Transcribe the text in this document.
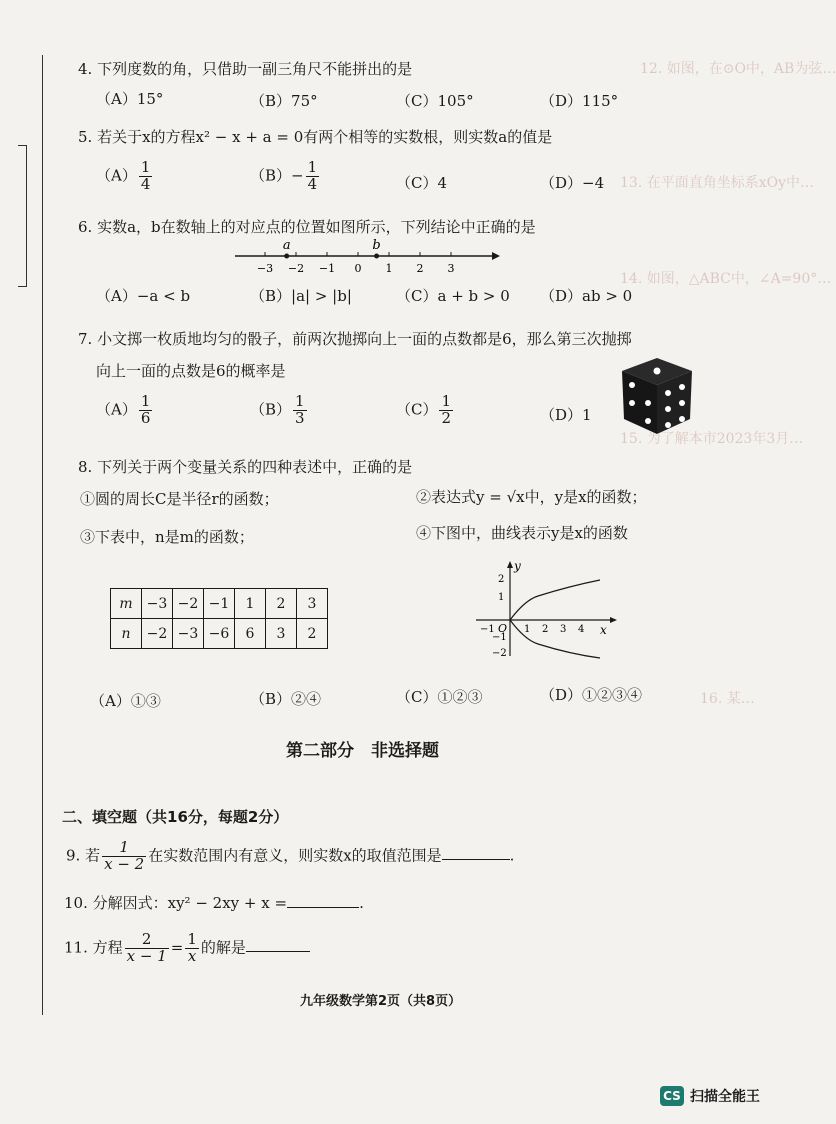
12. 如图，在⊙O中，AB为弦…
13. 在平面直角坐标系xOy中…
14. 如图，△ABC中，∠A=90°…
15. 为了解本市2023年3月…
16. 某…
4. 下列度数的角，只借助一副三角尺不能拼出的是
（A）15°	（B）75°	（C）105°	（D）115°
5. 若关于x的方程x² − x + a = 0有两个相等的实数根，则实数a的值是
$(A) \frac{1}{4}$	$(B)- \frac{1}{4}$	（C）4	（D）−4
6. 实数a，b在数轴上的对应点的位置如图所示，下列结论中正确的是
−3 −2 −1 0 1 2 3
a	b
（A）−a < b	（B）|a| > |b|	（C）a + b > 0 （D）ab > 0
7. 小文掷一枚质地均匀的骰子，前两次抛掷向上一面的点数都是6，那么第三次抛掷
向上一面的点数是6的概率是
$(A) \frac{1}{6}$	$(B) \frac{1}{3}$	$(C) \frac{1}{2}$	（D）1
8. 下列关于两个变量关系的四种表述中，正确的是
①圆的周长C是半径r的函数；	②表达式y = √x中，y是x的函数；
③下表中，n是m的函数；	④下图中，曲线表示y是x的函数
m	−3	−2	−1	1	2	3
n	−2	−3	−6	6	3	2
y
x
O
−1	1 2 3 4
2
1
−1
−2
（A）①③	（B）②④	（C）①②③	（D）①②③④
第二部分　非选择题
二、填空题（共16分，每题2分）
9. 若 $\frac{1}{x - 2}$ 在实数范围内有意义，则实数x的取值范围是	.
10. 分解因式：xy² − 2xy + x =	.
11. 方程 $\frac{2}{x - 1} = \frac{1}{x}$ 的解是
九年级数学第2页（共8页）
CS 扫描全能王
